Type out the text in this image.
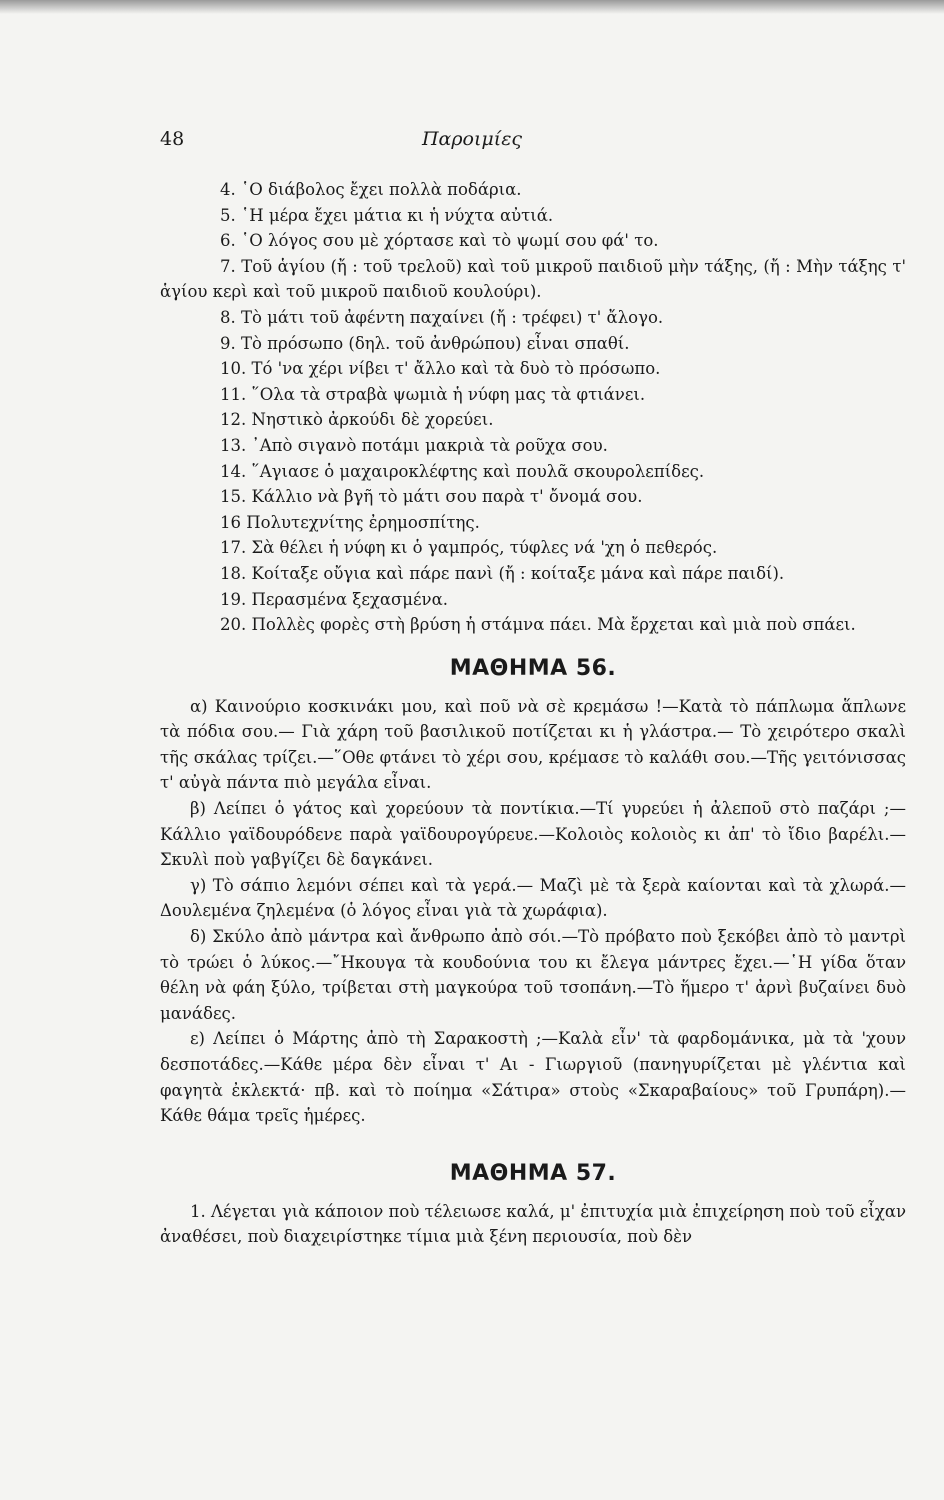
48	Παροιμίες

4. ῾Ο διάβολος ἔχει πολλὰ ποδάρια.

5. ῾Η μέρα ἔχει μάτια κι ἡ νύχτα αὐτιά.

6. ῾Ο λόγος σου μὲ χόρτασε καὶ τὸ ψωμί σου φά' το.

7. Τοῦ ἁγίου (ἤ : τοῦ τρελοῦ) καὶ τοῦ μικροῦ παιδιοῦ μὴν τάξης, (ἤ : Μὴν τάξης τ' ἁγίου κερὶ καὶ τοῦ μικροῦ παιδιοῦ κουλούρι).

8. Τὸ μάτι τοῦ ἀφέντη παχαίνει (ἤ : τρέφει) τ' ἄλογο.

9. Τὸ πρόσωπο (δηλ. τοῦ ἀνθρώπου) εἶναι σπαθί.

10. Τό 'να χέρι νίβει τ' ἄλλο καὶ τὰ δυὸ τὸ πρόσωπο.

11. ῞Ολα τὰ στραβὰ ψωμιὰ ἡ νύφη μας τὰ φτιάνει.

12. Νηστικὸ ἀρκούδι δὲ χορεύει.

13. ᾿Απὸ σιγανὸ ποτάμι μακριὰ τὰ ροῦχα σου.

14. ῞Αγιασε ὁ μαχαιροκλέφτης καὶ πουλᾶ σκουρολεπίδες.

15. Κάλλιο νὰ βγῆ τὸ μάτι σου παρὰ τ' ὄνομά σου.

16 Πολυτεχνίτης ἐρημοσπίτης.

17. Σὰ θέλει ἡ νύφη κι ὁ γαμπρός, τύφλες νά 'χη ὁ πεθερός.

18. Κοίταξε οὔγια καὶ πάρε πανὶ (ἤ : κοίταξε μάνα καὶ πάρε παιδί).

19. Περασμένα ξεχασμένα.

20. Πολλὲς φορὲς στὴ βρύση ἡ στάμνα πάει. Μὰ ἔρχεται καὶ μιὰ ποὺ σπάει.

ΜΑΘΗΜΑ 56.

α) Καινούριο κοσκινάκι μου, καὶ ποῦ νὰ σὲ κρεμάσω !—Κατὰ τὸ πάπλωμα ἅπλωνε τὰ πόδια σου.— Γιὰ χάρη τοῦ βασιλικοῦ ποτίζεται κι ἡ γλάστρα.— Τὸ χειρότερο σκαλὶ τῆς σκάλας τρίζει.—῞Οθε φτάνει τὸ χέρι σου, κρέμασε τὸ καλάθι σου.—Τῆς γειτόνισσας τ' αὐγὰ πάντα πιὸ μεγάλα εἶναι.

β) Λείπει ὁ γάτος καὶ χορεύουν τὰ ποντίκια.—Τί γυρεύει ἡ ἀλεποῦ στὸ παζάρι ;—Κάλλιο γαϊδουρόδενε παρὰ γαϊδουρογύρευε.—Κολοιὸς κολοιὸς κι ἀπ' τὸ ἴδιο βαρέλι.—Σκυλὶ ποὺ γαβγίζει δὲ δαγκάνει.

γ) Τὸ σάπιο λεμόνι σέπει καὶ τὰ γερά.— Μαζὶ μὲ τὰ ξερὰ καίονται καὶ τὰ χλωρά.—Δουλεμένα ζηλεμένα (ὁ λόγος εἶναι γιὰ τὰ χωράφια).

δ) Σκύλο ἀπὸ μάντρα καὶ ἄνθρωπο ἀπὸ σόι.—Τὸ πρόβατο ποὺ ξεκόβει ἀπὸ τὸ μαντρὶ τὸ τρώει ὁ λύκος.—῎Ηκουγα τὰ κουδούνια του κι ἔλεγα μάντρες ἔχει.—῾Η γίδα ὅταν θέλη νὰ φάη ξύλο, τρίβεται στὴ μαγκούρα τοῦ τσοπάνη.—Τὸ ἥμερο τ' ἀρνὶ βυζαίνει δυὸ μανάδες.

ε) Λείπει ὁ Μάρτης ἀπὸ τὴ Σαρακοστὴ ;—Καλὰ εἶν' τὰ φαρδομάνικα, μὰ τὰ 'χουν δεσποτάδες.—Κάθε μέρα δὲν εἶναι τ' Αι - Γιωργιοῦ (πανηγυρίζεται μὲ γλέντια καὶ φαγητὰ ἐκλεκτά· πβ. καὶ τὸ ποίημα «Σάτιρα» στοὺς «Σκαραβαίους» τοῦ Γρυπάρη).—Κάθε θάμα τρεῖς ἡμέρες.

ΜΑΘΗΜΑ 57.

1. Λέγεται γιὰ κάποιον ποὺ τέλειωσε καλά, μ' ἐπιτυχία μιὰ ἐπιχείρηση ποὺ τοῦ εἶχαν ἀναθέσει, ποὺ διαχειρίστηκε τίμια μιὰ ξένη περιουσία, ποὺ δὲν
